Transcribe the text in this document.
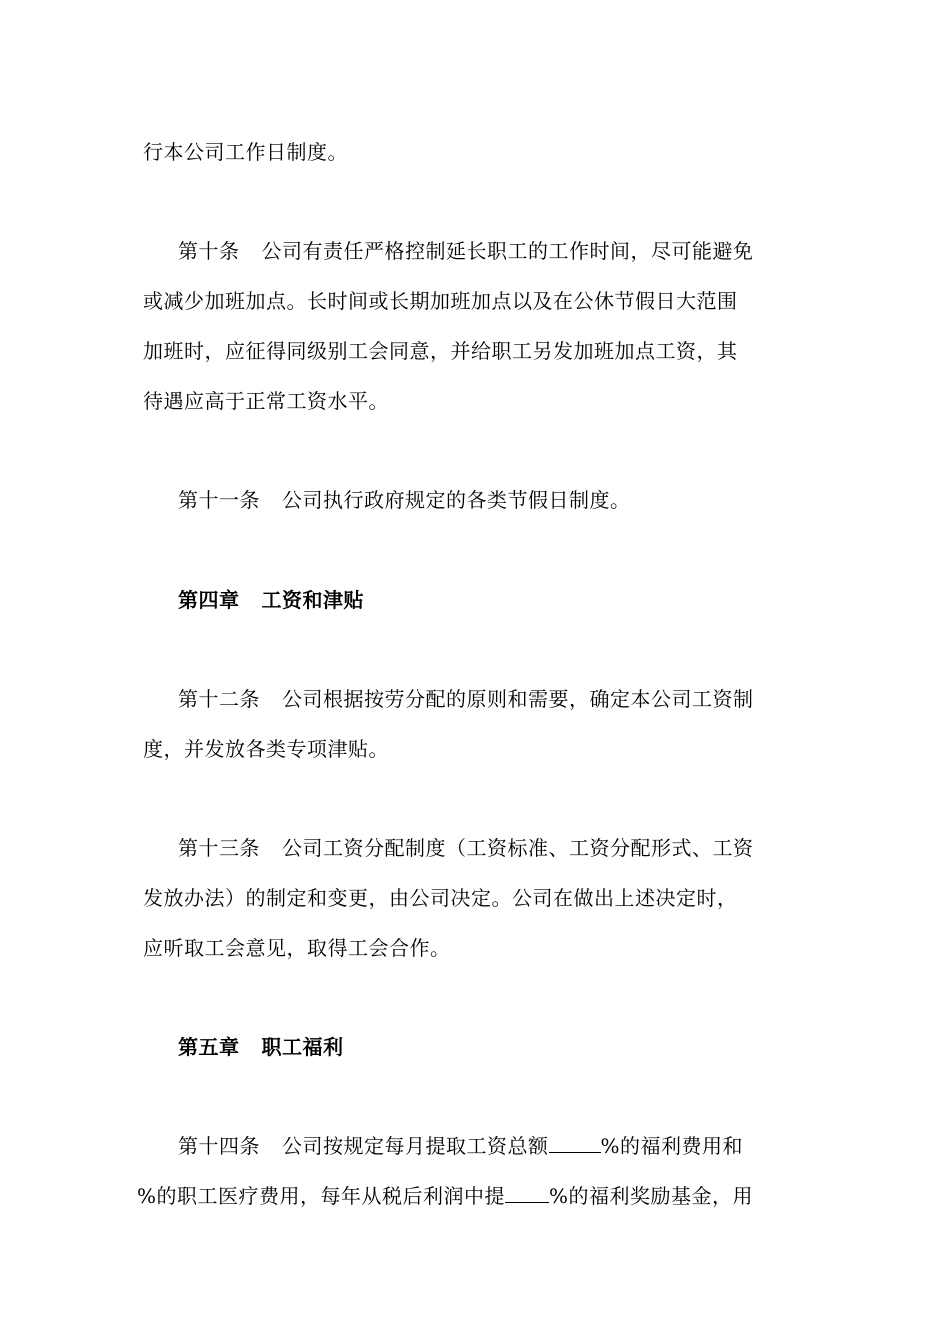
行本公司工作日制度。
第十条 公司有责任严格控制延长职工的工作时间，尽可能避免
或减少加班加点。长时间或长期加班加点以及在公休节假日大范围
加班时，应征得同级别工会同意，并给职工另发加班加点工资，其
待遇应高于正常工资水平。
第十一条 公司执行政府规定的各类节假日制度。
第四章 工资和津贴
第十二条 公司根据按劳分配的原则和需要，确定本公司工资制
度，并发放各类专项津贴。
第十三条 公司工资分配制度（工资标准、工资分配形式、工资
发放办法）的制定和变更，由公司决定。公司在做出上述决定时，
应听取工会意见，取得工会合作。
第五章 职工福利
第十四条 公司按规定每月提取工资总额	%的福利费用和
%的职工医疗费用，每年从税后利润中提 %的福利奖励基金，用
